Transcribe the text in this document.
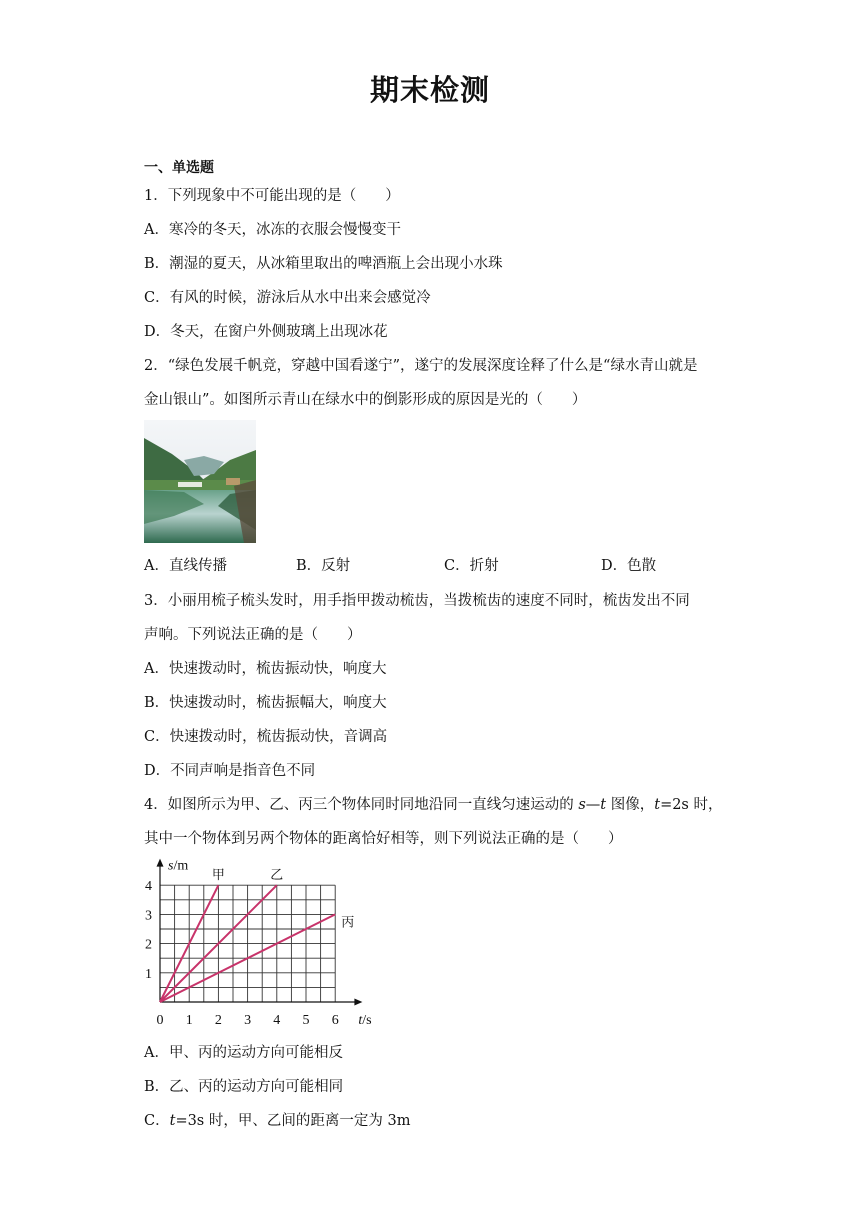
期末检测
一、单选题
1．下列现象中不可能出现的是（　　）
A．寒冷的冬天，冰冻的衣服会慢慢变干
B．潮湿的夏天，从冰箱里取出的啤酒瓶上会出现小水珠
C．有风的时候，游泳后从水中出来会感觉冷
D．冬天，在窗户外侧玻璃上出现冰花
2．“绿色发展千帆竞，穿越中国看遂宁”，遂宁的发展深度诠释了什么是“绿水青山就是
金山银山”。如图所示青山在绿水中的倒影形成的原因是光的（　　）
A．直线传播	B．反射	C．折射	D．色散
3．小丽用梳子梳头发时，用手指甲拨动梳齿，当拨梳齿的速度不同时，梳齿发出不同
声响。下列说法正确的是（　　）
A．快速拨动时，梳齿振动快，响度大
B．快速拨动时，梳齿振幅大，响度大
C．快速拨动时，梳齿振动快，音调高
D．不同声响是指音色不同
4．如图所示为甲、乙、丙三个物体同时同地沿同一直线匀速运动的 s—t 图像，t=2s 时，
其中一个物体到另两个物体的距离恰好相等，则下列说法正确的是（　　）
0 1 2 3 4 5 6
1
2
3
4
t/s
s/m
甲	乙
丙
A．甲、丙的运动方向可能相反
B．乙、丙的运动方向可能相同
C．t=3s 时，甲、乙间的距离一定为 3m
